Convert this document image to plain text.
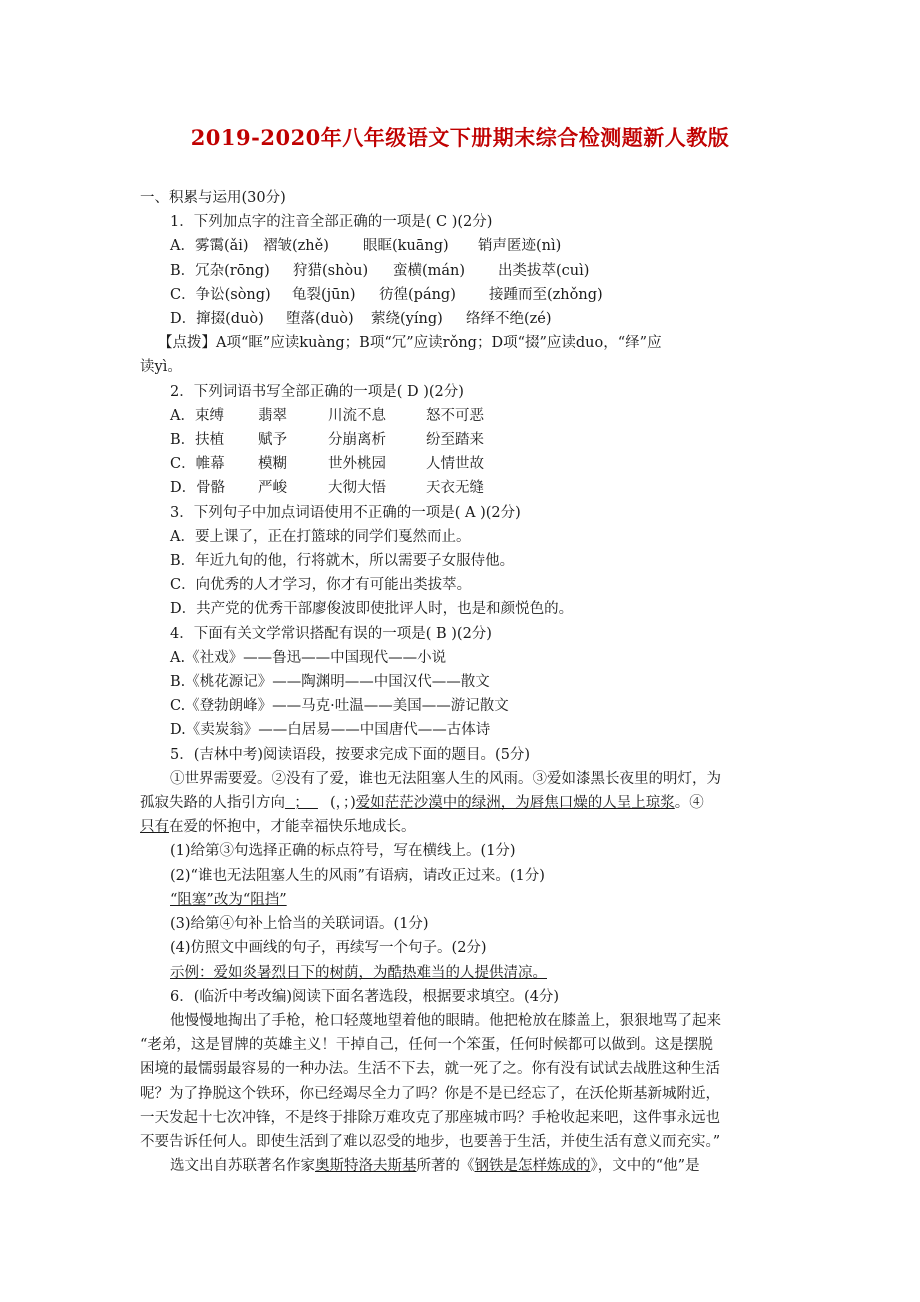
2019-2020年八年级语文下册期末综合检测题新人教版
一、积累与运用(30分)
1．下列加点字的注音全部正确的一项是( C )(2分)
A．雾霭(ǎi) 褶皱(zhě) 眼眶(kuāng) 销声匿迹(nì)
B．冗杂(rōng) 狩猎(shòu) 蛮横(mán) 出类拔萃(cuì)
C．争讼(sòng) 龟裂(jūn) 彷徨(páng) 接踵而至(zhǒng)
D．撺掇(duò) 堕落(duò) 萦绕(yíng) 络绎不绝(zé)
【点拨】A项“眶”应读kuàng；B项“冗”应读rǒng；D项“掇”应读duo，“绎”应
读yì。
2．下列词语书写全部正确的一项是( D )(2分)
A．束缚 翡翠	川流不息	怒不可恶
B．扶植 赋予	分崩离析	纷至踏来
C．帷幕 模糊	世外桃园	人情世故
D．骨骼 严峻	大彻大悟	天衣无缝
3．下列句子中加点词语使用不正确的一项是( A )(2分)
A．要上课了，正在打篮球的同学们戛然而止。
B．年近九旬的他，行将就木，所以需要子女服侍他。
C．向优秀的人才学习，你才有可能出类拔萃。
D．共产党的优秀干部廖俊波即使批评人时，也是和颜悦色的。
4．下面有关文学常识搭配有误的一项是( B )(2分)
A.《社戏》——鲁迅——中国现代——小说
B.《桃花源记》——陶渊明——中国汉代——散文
C.《登勃朗峰》——马克·吐温——美国——游记散文
D.《卖炭翁》——白居易——中国唐代——古体诗
5．(吉林中考)阅读语段，按要求完成下面的题目。(5分)
①世界需要爱。②没有了爱，谁也无法阻塞人生的风雨。③爱如漆黑长夜里的明灯，为
孤寂失路的人指引方向  ；  (，；)爱如茫茫沙漠中的绿洲，为唇焦口燥的人呈上琼浆。④
只有在爱的怀抱中，才能幸福快乐地成长。
(1)给第③句选择正确的标点符号，写在横线上。(1分)
(2)“谁也无法阻塞人生的风雨”有语病，请改正过来。(1分)
“阻塞”改为“阻挡”
(3)给第④句补上恰当的关联词语。(1分)
(4)仿照文中画线的句子，再续写一个句子。(2分)
示例：爱如炎暑烈日下的树荫，为酷热难当的人提供清凉。
6．(临沂中考改编)阅读下面名著选段，根据要求填空。(4分)
他慢慢地掏出了手枪，枪口轻蔑地望着他的眼睛。他把枪放在膝盖上，狠狠地骂了起来
“老弟，这是冒牌的英雄主义！干掉自己，任何一个笨蛋，任何时候都可以做到。这是摆脱
困境的最懦弱最容易的一种办法。生活不下去，就一死了之。你有没有试试去战胜这种生活
呢？为了挣脱这个铁环，你已经竭尽全力了吗？你是不是已经忘了，在沃伦斯基新城附近，
一天发起十七次冲锋，不是终于排除万难攻克了那座城市吗？手枪收起来吧，这件事永远也
不要告诉任何人。即使生活到了难以忍受的地步，也要善于生活，并使生活有意义而充实。”
选文出自苏联著名作家奥斯特洛夫斯基所著的《钢铁是怎样炼成的》，文中的“他”是
